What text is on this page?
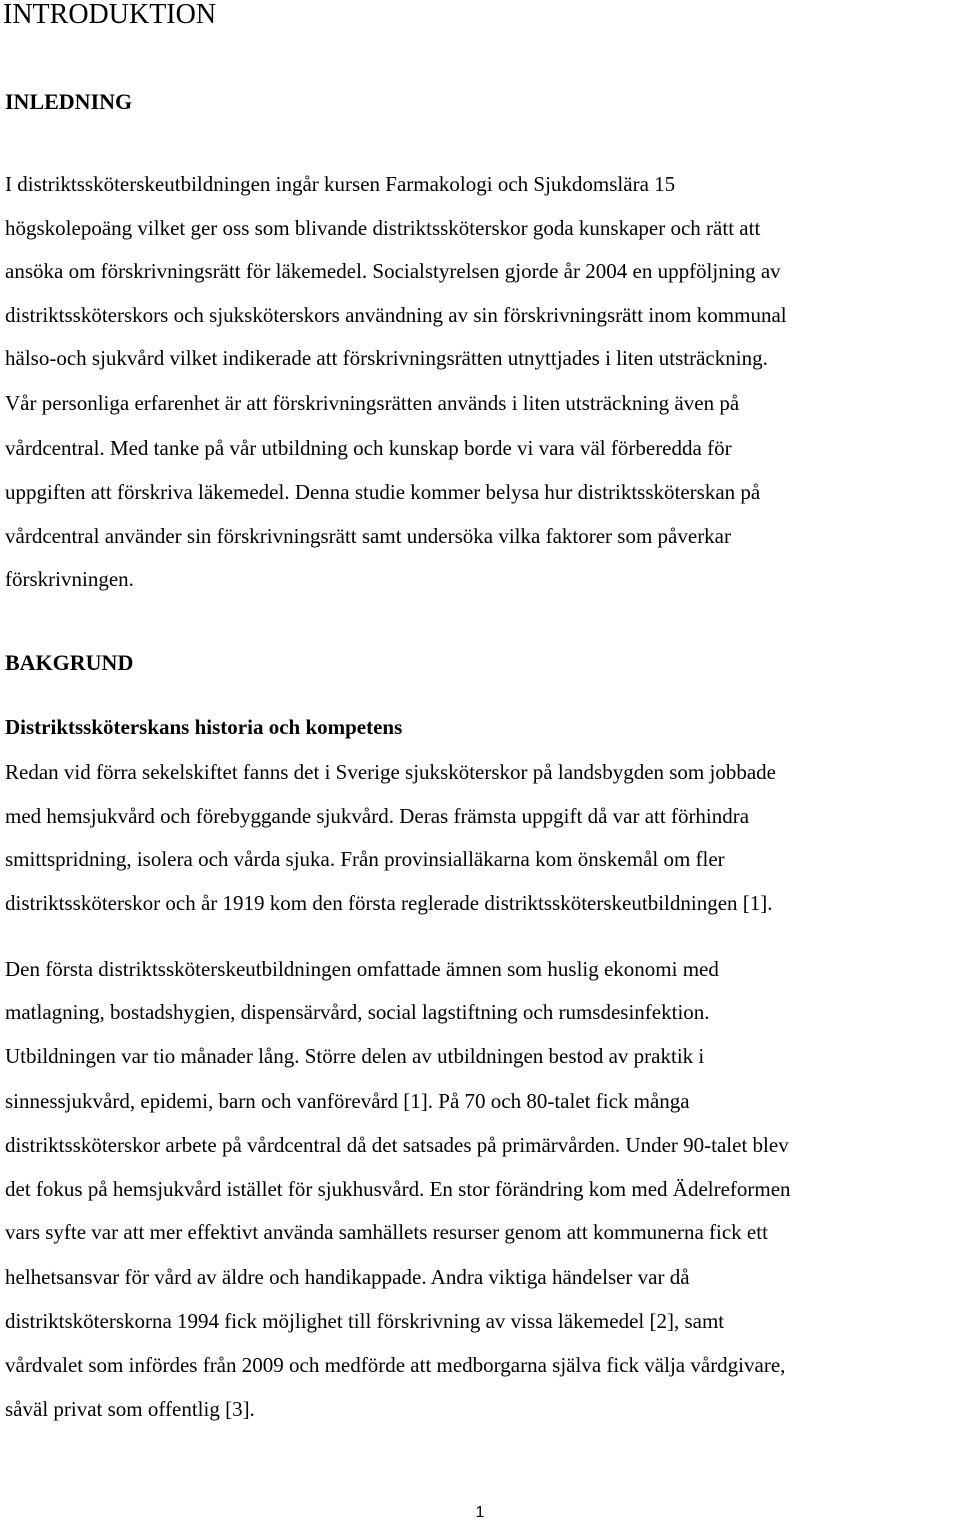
INTRODUKTION
INLEDNING
I distriktssköterskeutbildningen ingår kursen Farmakologi och Sjukdomslära 15
högskolepoäng vilket ger oss som blivande distriktssköterskor goda kunskaper och rätt att
ansöka om förskrivningsrätt för läkemedel. Socialstyrelsen gjorde år 2004 en uppföljning av
distriktssköterskors och sjuksköterskors användning av sin förskrivningsrätt inom kommunal
hälso-och sjukvård vilket indikerade att förskrivningsrätten utnyttjades i liten utsträckning.
Vår personliga erfarenhet är att förskrivningsrätten används i liten utsträckning även på
vårdcentral. Med tanke på vår utbildning och kunskap borde vi vara väl förberedda för
uppgiften att förskriva läkemedel. Denna studie kommer belysa hur distriktssköterskan på
vårdcentral använder sin förskrivningsrätt samt undersöka vilka faktorer som påverkar
förskrivningen.
BAKGRUND
Distriktssköterskans historia och kompetens
Redan vid förra sekelskiftet fanns det i Sverige sjuksköterskor på landsbygden som jobbade
med hemsjukvård och förebyggande sjukvård. Deras främsta uppgift då var att förhindra
smittspridning, isolera och vårda sjuka. Från provinsialläkarna kom önskemål om fler
distriktssköterskor och år 1919 kom den första reglerade distriktssköterskeutbildningen [1].
Den första distriktssköterskeutbildningen omfattade ämnen som huslig ekonomi med
matlagning, bostadshygien, dispensärvård, social lagstiftning och rumsdesinfektion.
Utbildningen var tio månader lång. Större delen av utbildningen bestod av praktik i
sinnessjukvård, epidemi, barn och vanförevård [1]. På 70 och 80-talet fick många
distriktssköterskor arbete på vårdcentral då det satsades på primärvården. Under 90-talet blev
det fokus på hemsjukvård istället för sjukhusvård. En stor förändring kom med Ädelreformen
vars syfte var att mer effektivt använda samhällets resurser genom att kommunerna fick ett
helhetsansvar för vård av äldre och handikappade. Andra viktiga händelser var då
distriktsköterskorna 1994 fick möjlighet till förskrivning av vissa läkemedel [2], samt
vårdvalet som infördes från 2009 och medförde att medborgarna själva fick välja vårdgivare,
såväl privat som offentlig [3].
1
